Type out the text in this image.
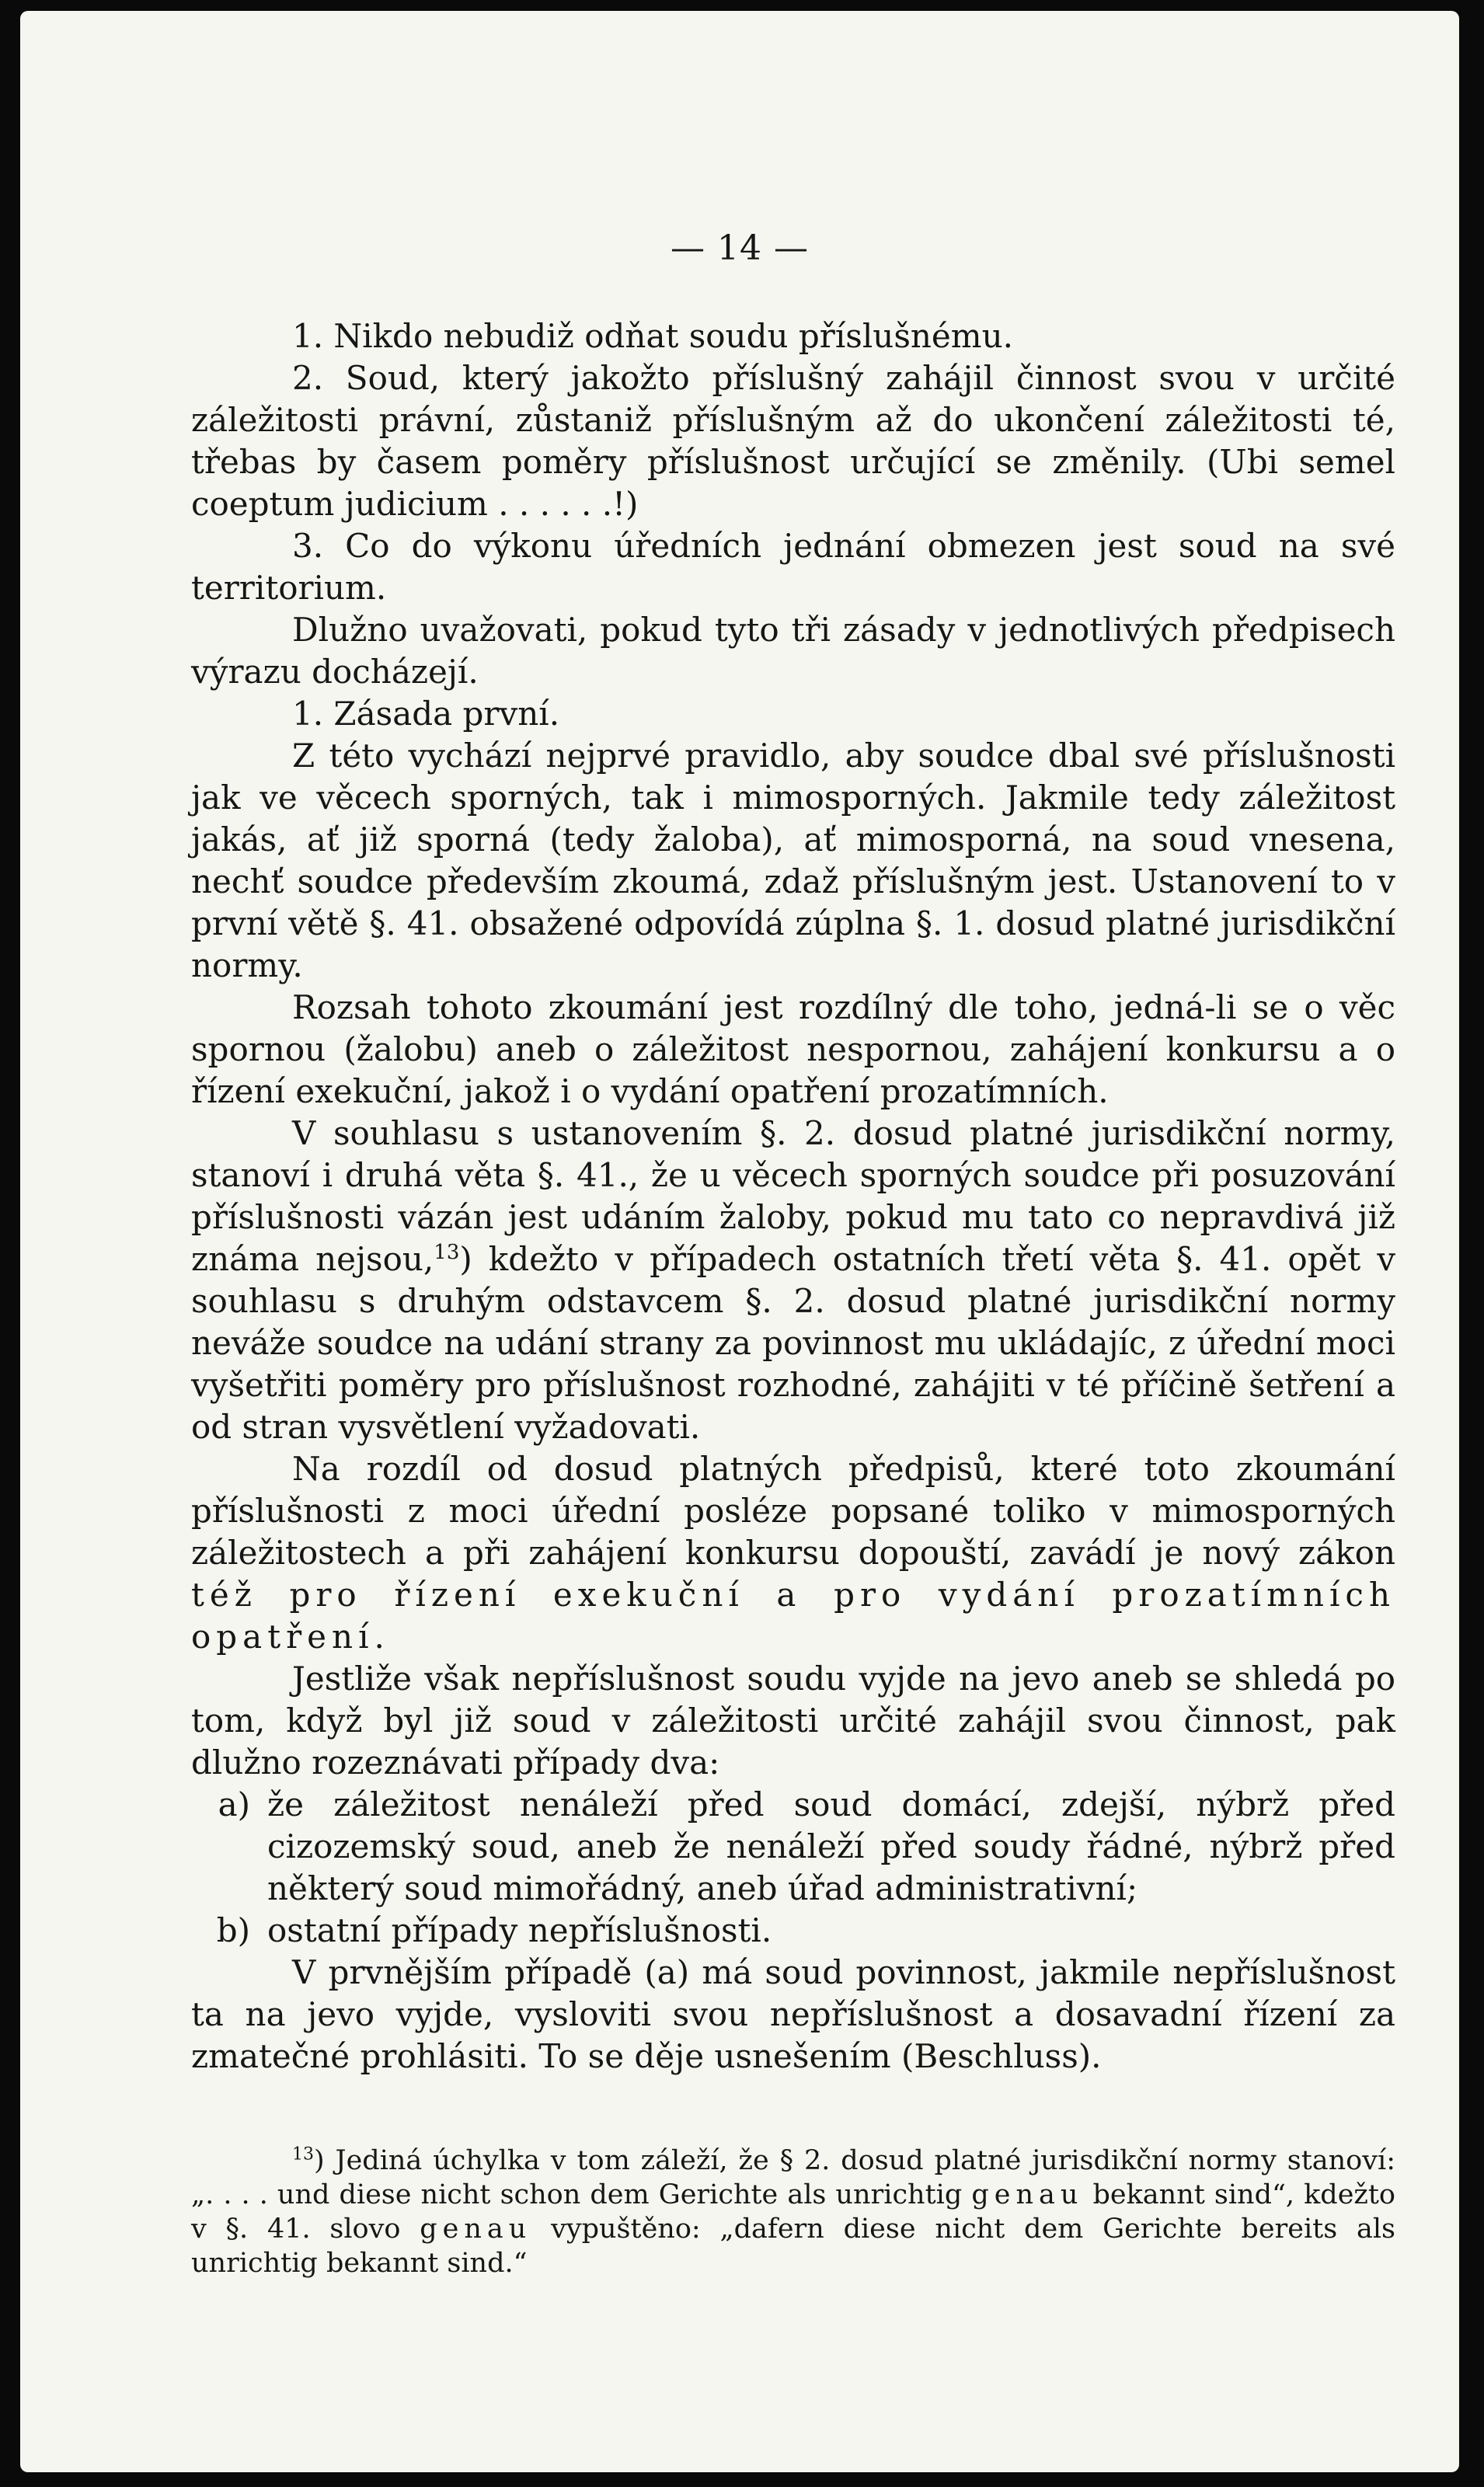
— 14 —

1. Nikdo nebudiž odňat soudu příslušnému.

2. Soud, který jakožto příslušný zahájil činnost svou v určité záležitosti právní, zůstaniž příslušným až do ukončení záležitosti té, třebas by časem poměry příslušnost určující se změnily. (Ubi semel coeptum judicium . . . . . .!)

3. Co do výkonu úředních jednání obmezen jest soud na své territorium.

Dlužno uvažovati, pokud tyto tři zásady v jednotlivých předpisech výrazu docházejí.

1. Zásada první.

Z této vychází nejprvé pravidlo, aby soudce dbal své příslušnosti jak ve věcech sporných, tak i mimosporných. Jakmile tedy záležitost jakás, ať již sporná (tedy žaloba), ať mimosporná, na soud vnesena, nechť soudce především zkoumá, zdaž příslušným jest. Ustanovení to v první větě §. 41. obsažené odpovídá zúplna §. 1. dosud platné jurisdikční normy.

Rozsah tohoto zkoumání jest rozdílný dle toho, jedná-li se o věc spornou (žalobu) aneb o záležitost nespornou, zahájení konkursu a o řízení exekuční, jakož i o vydání opatření prozatímních.

V souhlasu s ustanovením §. 2. dosud platné jurisdikční normy, stanoví i druhá věta §. 41., že u věcech sporných soudce při posuzování příslušnosti vázán jest udáním žaloby, pokud mu tato co nepravdivá již známa nejsou,$^{13}$) kdežto v případech ostatních třetí věta §. 41. opět v souhlasu s druhým odstavcem §. 2. dosud platné jurisdikční normy neváže soudce na udání strany za povinnost mu ukládajíc, z úřední moci vyšetřiti poměry pro příslušnost rozhodné, zahájiti v té příčině šetření a od stran vysvětlení vyžadovati.

Na rozdíl od dosud platných předpisů, které toto zkoumání příslušnosti z moci úřední posléze popsané toliko v mimosporných záležitostech a při zahájení konkursu dopouští, zavádí je nový zákon též pro řízení exekuční a pro vydání prozatímních opatření.

Jestliže však nepříslušnost soudu vyjde na jevo aneb se shledá po tom, když byl již soud v záležitosti určité zahájil svou činnost, pak dlužno rozeznávati případy dva:

a) že záležitost nenáleží před soud domácí, zdejší, nýbrž před cizozemský soud, aneb že nenáleží před soudy řádné, nýbrž před některý soud mimořádný, aneb úřad administrativní;
b) ostatní případy nepříslušnosti.

V prvnějším případě (a) má soud povinnost, jakmile nepříslušnost ta na jevo vyjde, vysloviti svou nepříslušnost a dosavadní řízení za zmatečné prohlásiti. To se děje usnešením (Beschluss).

$^{13}$) Jediná úchylka v tom záleží, že § 2. dosud platné jurisdikční normy stanoví: „. . . . und diese nicht schon dem Gerichte als unrichtig genau bekannt sind“, kdežto v §. 41. slovo genau vypuštěno: „dafern diese nicht dem Gerichte bereits als unrichtig bekannt sind.“
